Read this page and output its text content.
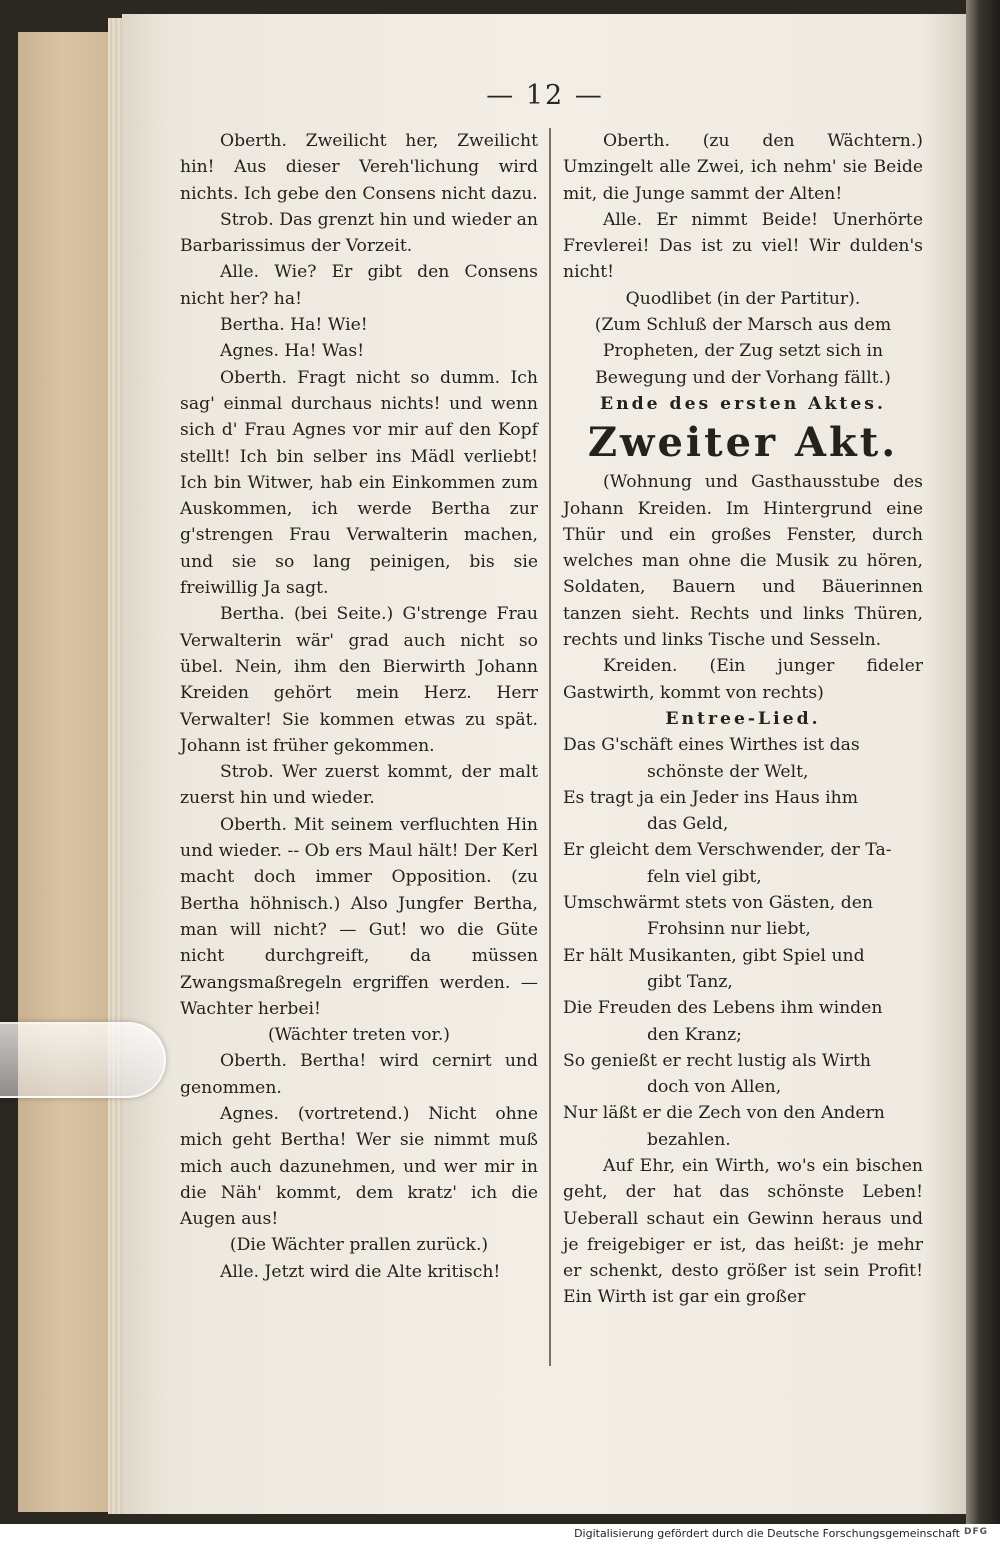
— 12 —

Oberth. Zweilicht her, Zweilicht hin! Aus dieser Vereh'lichung wird nichts. Ich gebe den Consens nicht dazu.

Strob. Das grenzt hin und wieder an Barbarissimus der Vorzeit.

Alle. Wie? Er gibt den Consens nicht her? ha!

Bertha. Ha! Wie!

Agnes. Ha! Was!

Oberth. Fragt nicht so dumm. Ich sag' einmal durchaus nichts! und wenn sich d' Frau Agnes vor mir auf den Kopf stellt! Ich bin selber ins Mädl verliebt! Ich bin Witwer, hab ein Einkommen zum Auskommen, ich werde Bertha zur g'strengen Frau Verwalterin machen, und sie so lang peinigen, bis sie freiwillig Ja sagt.

Bertha. (bei Seite.) G'strenge Frau Verwalterin wär' grad auch nicht so übel. Nein, ihm den Bierwirth Johann Kreiden gehört mein Herz. Herr Verwalter! Sie kommen etwas zu spät. Johann ist früher gekommen.

Strob. Wer zuerst kommt, der malt zuerst hin und wieder.

Oberth. Mit seinem verfluchten Hin und wieder. -- Ob ers Maul hält! Der Kerl macht doch immer Opposition. (zu Bertha höhnisch.) Also Jungfer Bertha, man will nicht? — Gut! wo die Güte nicht durchgreift, da müssen Zwangsmaßregeln ergriffen werden. — Wachter herbei!

(Wächter treten vor.)

Oberth. Bertha! wird cernirt und genommen.

Agnes. (vortretend.) Nicht ohne mich geht Bertha! Wer sie nimmt muß mich auch dazunehmen, und wer mir in die Näh' kommt, dem kratz' ich die Augen aus!

(Die Wächter prallen zurück.)

Alle. Jetzt wird die Alte kritisch!

Oberth. (zu den Wächtern.) Umzingelt alle Zwei, ich nehm' sie Beide mit, die Junge sammt der Alten!

Alle. Er nimmt Beide! Unerhörte Frevlerei! Das ist zu viel! Wir dulden's nicht!

Quodlibet (in der Partitur).

(Zum Schluß der Marsch aus dem Propheten, der Zug setzt sich in Bewegung und der Vorhang fällt.)

Ende des ersten Aktes.

Zweiter Akt.

(Wohnung und Gasthausstube des Johann Kreiden. Im Hintergrund eine Thür und ein großes Fenster, durch welches man ohne die Musik zu hören, Soldaten, Bauern und Bäuerinnen tanzen sieht. Rechts und links Thüren, rechts und links Tische und Sesseln.

Kreiden. (Ein junger fideler Gastwirth, kommt von rechts)

Entree-Lied.

Das G'schäft eines Wirthes ist das

schönste der Welt,

Es tragt ja ein Jeder ins Haus ihm

das Geld,

Er gleicht dem Verschwender, der Ta-

feln viel gibt,

Umschwärmt stets von Gästen, den

Frohsinn nur liebt,

Er hält Musikanten, gibt Spiel und

gibt Tanz,

Die Freuden des Lebens ihm winden

den Kranz;

So genießt er recht lustig als Wirth

doch von Allen,

Nur läßt er die Zech von den Andern

bezahlen.

Auf Ehr, ein Wirth, wo's ein bischen geht, der hat das schönste Leben! Ueberall schaut ein Gewinn heraus und je freigebiger er ist, das heißt: je mehr er schenkt, desto größer ist sein Profit! Ein Wirth ist gar ein großer

Digitalisierung gefördert durch die Deutsche Forschungsgemeinschaft DFG
